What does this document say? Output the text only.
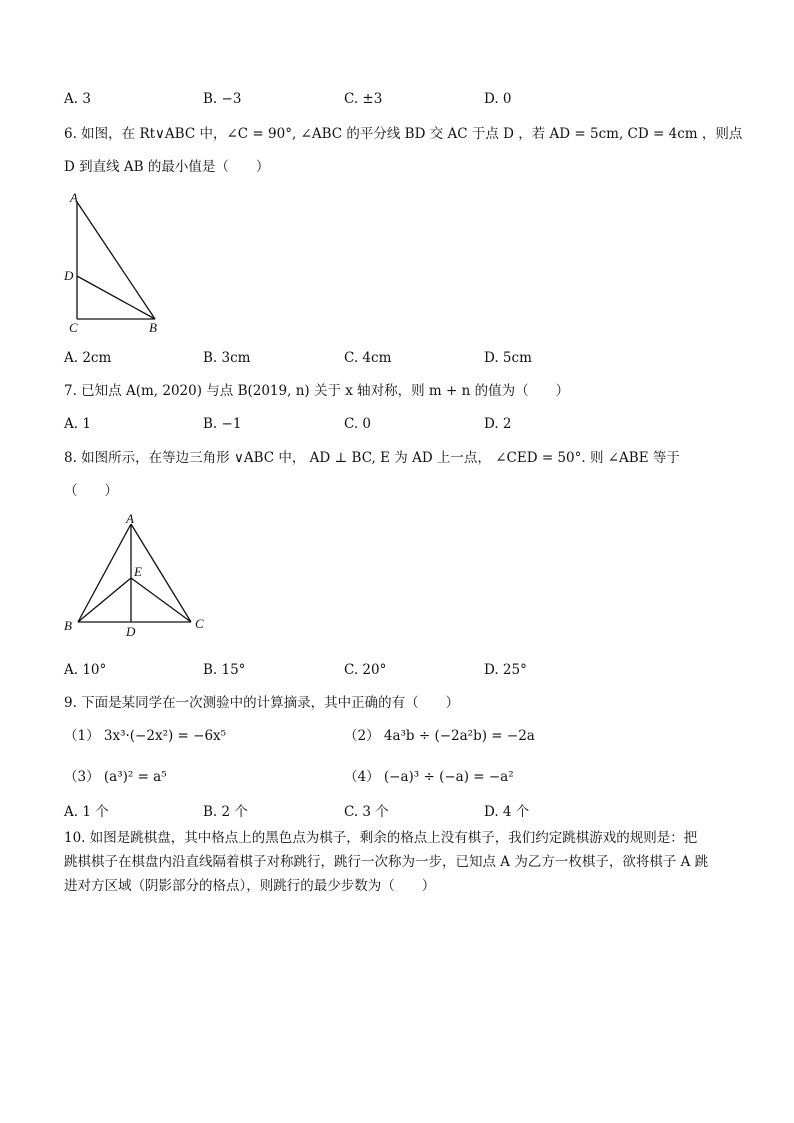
A. 3	B. −3	C. ±3	D. 0
6. 如图，在 Rt∨ABC 中，∠C = 90°, ∠ABC 的平分线 BD 交 AC 于点 D ，若 AD = 5cm, CD = 4cm ，则点
D 到直线 AB 的最小值是（　　）
A
D
C	B
A. 2cm	B. 3cm	C. 4cm	D. 5cm
7. 已知点 A(m, 2020) 与点 B(2019, n) 关于 x 轴对称，则 m + n 的值为（　　）
A. 1	B. −1	C. 0	D. 2
8. 如图所示，在等边三角形 ∨ABC 中， AD ⊥ BC, E 为 AD 上一点， ∠CED = 50°. 则 ∠ABE 等于
（　　）
A
E
B	D
C
A. 10°	B. 15°	C. 20°	D. 25°
9. 下面是某同学在一次测验中的计算摘录，其中正确的有（　　）
（1） 3x³·(−2x²) = −6x⁵	（2） 4a³b ÷ (−2a²b) = −2a
（3） (a³)² = a⁵	（4） (−a)³ ÷ (−a) = −a²
A. 1 个	B. 2 个	C. 3 个	D. 4 个
10. 如图是跳棋盘，其中格点上的黑色点为棋子，剩余的格点上没有棋子，我们约定跳棋游戏的规则是：把
跳棋棋子在棋盘内沿直线隔着棋子对称跳行，跳行一次称为一步，已知点 A 为乙方一枚棋子，欲将棋子 A 跳
进对方区域（阴影部分的格点），则跳行的最少步数为（　　）
